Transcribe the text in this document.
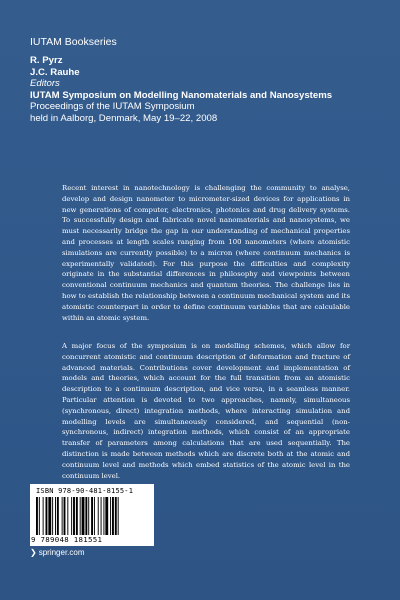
IUTAM Bookseries
R. Pyrz
J.C. Rauhe
Editors
IUTAM Symposium on Modelling Nanomaterials and Nanosystems
Proceedings of the IUTAM Symposium
held in Aalborg, Denmark, May 19–22, 2008

Recent interest in nanotechnology is challenging the community to analyse, develop and design nanometer to micrometer-sized devices for applications in new generations of computer, electronics, photonics and drug delivery systems. To successfully design and fabricate novel nanomaterials and nanosystems, we must necessarily bridge the gap in our understanding of mechanical properties and processes at length scales ranging from 100 nanometers (where atomistic simulations are currently possible) to a micron (where continuum mechanics is experimentally validated). For this purpose the difficulties and complexity originate in the substantial differences in philosophy and viewpoints between conventional continuum mechanics and quantum theories. The challenge lies in how to establish the relationship between a continuum mechanical system and its atomistic counterpart in order to define continuum variables that are calculable within an atomic system.

A major focus of the symposium is on modelling schemes, which allow for concurrent atomistic and continuum description of deformation and fracture of advanced materials. Contributions cover development and implementation of models and theories, which account for the full transition from an atomistic description to a continuum description, and vice versa, in a seamless manner. Particular attention is devoted to two approaches, namely, simultaneous (synchronous, direct) integration methods, where interacting simulation and modelling levels are simultaneously considered, and sequential (non-synchronous, indirect) integration methods, which consist of an appropriate transfer of parameters among calculations that are used sequentially. The distinction is made between methods which are discrete both at the atomic and continuum level and methods which embed statistics of the atomic level in the continuum level.

ISBN 978-90-481-8155-1
9 789048 181551
❯ springer.com
